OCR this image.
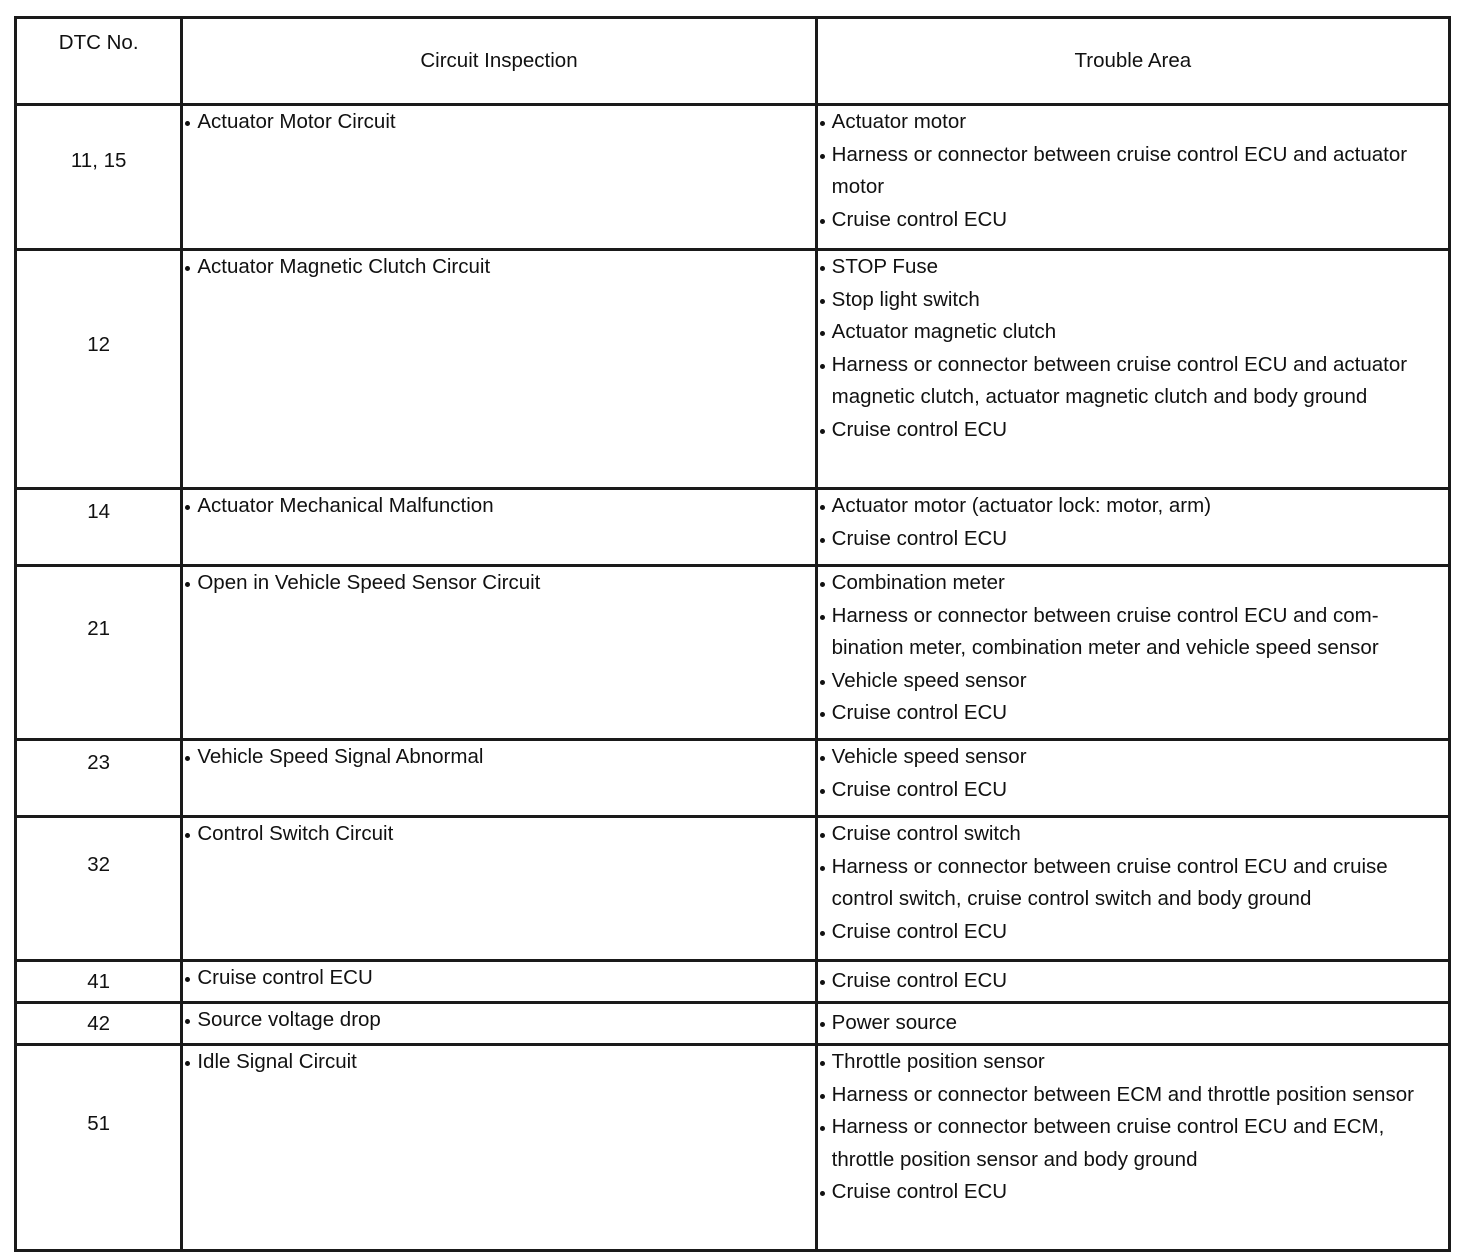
DTC No.	Circuit Inspection	Trouble Area

11, 15	Actuator Motor Circuit	Actuator motor
Harness or connector between cruise control ECU and actuator motor
Cruise control ECU

12	Actuator Magnetic Clutch Circuit	STOP Fuse
Stop light switch
Actuator magnetic clutch
Harness or connector between cruise control ECU and actuator magnetic clutch, actuator magnetic clutch and body ground
Cruise control ECU

14	Actuator Mechanical Malfunction	Actuator motor (actuator lock: motor, arm)
Cruise control ECU

21	Open in Vehicle Speed Sensor Circuit	Combination meter
Harness or connector between cruise control ECU and com-bination meter, combination meter and vehicle speed sensor
Vehicle speed sensor
Cruise control ECU

23	Vehicle Speed Signal Abnormal	Vehicle speed sensor
Cruise control ECU

32	Control Switch Circuit	Cruise control switch
Harness or connector between cruise control ECU and cruise control switch, cruise control switch and body ground
Cruise control ECU

41	Cruise control ECU	Cruise control ECU

42	Source voltage drop	Power source

51	Idle Signal Circuit	Throttle position sensor
Harness or connector between ECM and throttle position sensor
Harness or connector between cruise control ECU and ECM, throttle position sensor and body ground
Cruise control ECU
